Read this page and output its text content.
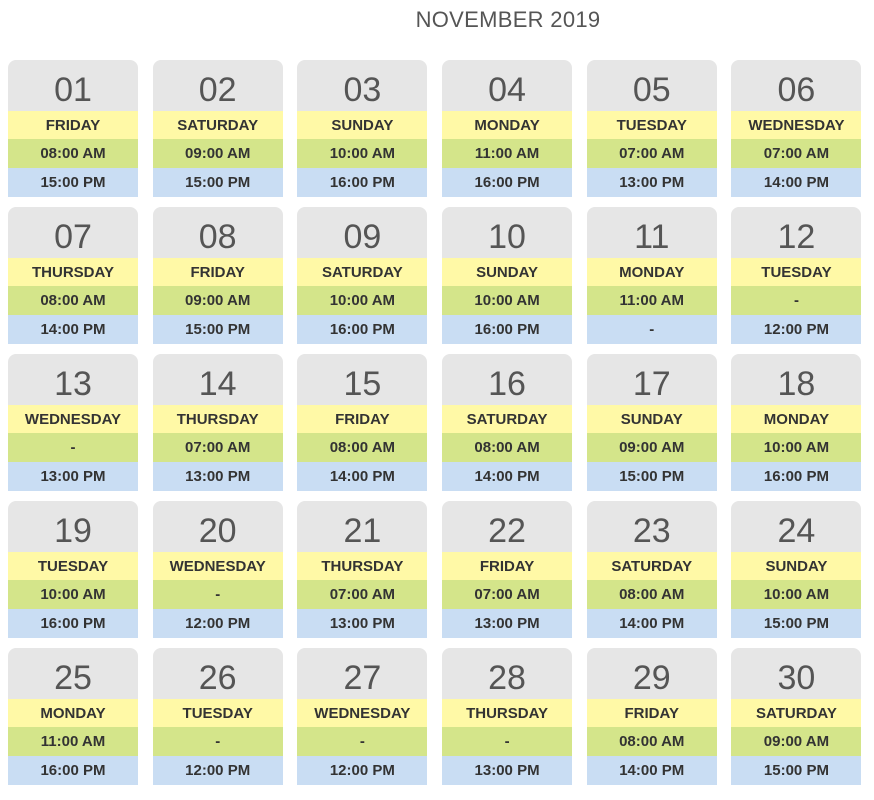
NOVEMBER 2019
01
FRIDAY
08:00 AM
15:00 PM
02
SATURDAY
09:00 AM
15:00 PM
03
SUNDAY
10:00 AM
16:00 PM
04
MONDAY
11:00 AM
16:00 PM
05
TUESDAY
07:00 AM
13:00 PM
06
WEDNESDAY
07:00 AM
14:00 PM
07
THURSDAY
08:00 AM
14:00 PM
08
FRIDAY
09:00 AM
15:00 PM
09
SATURDAY
10:00 AM
16:00 PM
10
SUNDAY
10:00 AM
16:00 PM
11
MONDAY
11:00 AM
-
12
TUESDAY
-
12:00 PM
13
WEDNESDAY
-
13:00 PM
14
THURSDAY
07:00 AM
13:00 PM
15
FRIDAY
08:00 AM
14:00 PM
16
SATURDAY
08:00 AM
14:00 PM
17
SUNDAY
09:00 AM
15:00 PM
18
MONDAY
10:00 AM
16:00 PM
19
TUESDAY
10:00 AM
16:00 PM
20
WEDNESDAY
-
12:00 PM
21
THURSDAY
07:00 AM
13:00 PM
22
FRIDAY
07:00 AM
13:00 PM
23
SATURDAY
08:00 AM
14:00 PM
24
SUNDAY
10:00 AM
15:00 PM
25
MONDAY
11:00 AM
16:00 PM
26
TUESDAY
-
12:00 PM
27
WEDNESDAY
-
12:00 PM
28
THURSDAY
-
13:00 PM
29
FRIDAY
08:00 AM
14:00 PM
30
SATURDAY
09:00 AM
15:00 PM
